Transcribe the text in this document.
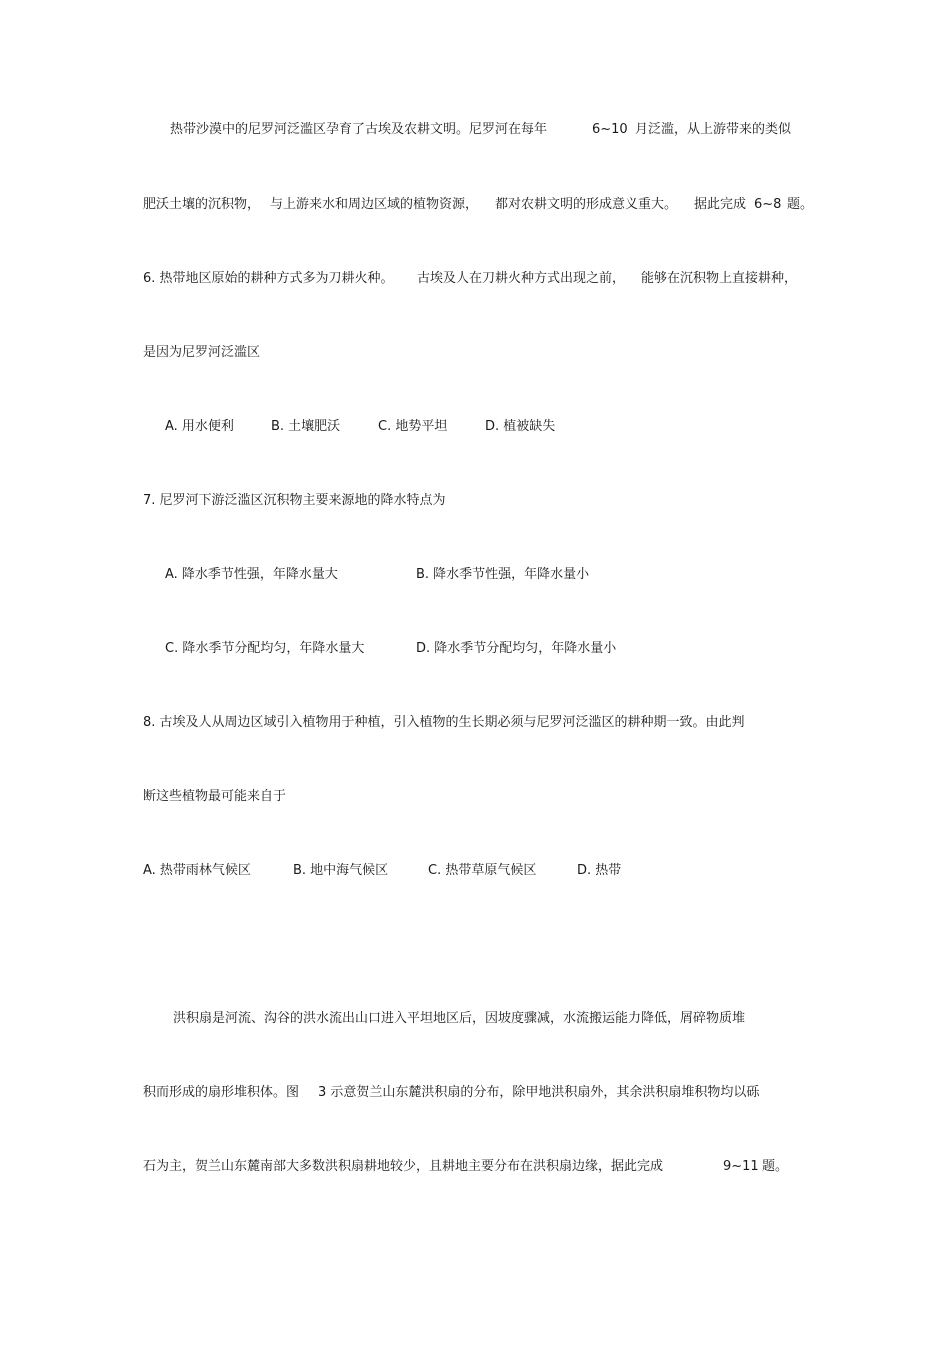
热带沙漠中的尼罗河泛滥区孕育了古埃及农耕文明。尼罗河在每年	6~10 月泛滥，从上游带来的类似
肥沃土壤的沉积物， 与上游来水和周边区域的植物资源， 都对农耕文明的形成意义重大。 据此完成 6~8 题。
6. 热带地区原始的耕种方式多为刀耕火种。 古埃及人在刀耕火种方式出现之前， 能够在沉积物上直接耕种，
是因为尼罗河泛滥区
A. 用水便利	B. 土壤肥沃	C. 地势平坦	D. 植被缺失
7. 尼罗河下游泛滥区沉积物主要来源地的降水特点为
A. 降水季节性强，年降水量大	B. 降水季节性强，年降水量小
C. 降水季节分配均匀，年降水量大	D. 降水季节分配均匀，年降水量小
8. 古埃及人从周边区域引入植物用于种植，引入植物的生长期必须与尼罗河泛滥区的耕种期一致。由此判
断这些植物最可能来自于
A. 热带雨林气候区	B. 地中海气候区	C. 热带草原气候区	D. 热带
洪积扇是河流、沟谷的洪水流出山口进入平坦地区后，因坡度骤减，水流搬运能力降低，屑碎物质堆
积而形成的扇形堆积体。图 3 示意贺兰山东麓洪积扇的分布，除甲地洪积扇外，其余洪积扇堆积物均以砾
石为主，贺兰山东麓南部大多数洪积扇耕地较少，且耕地主要分布在洪积扇边缘，据此完成	9~11 题。
